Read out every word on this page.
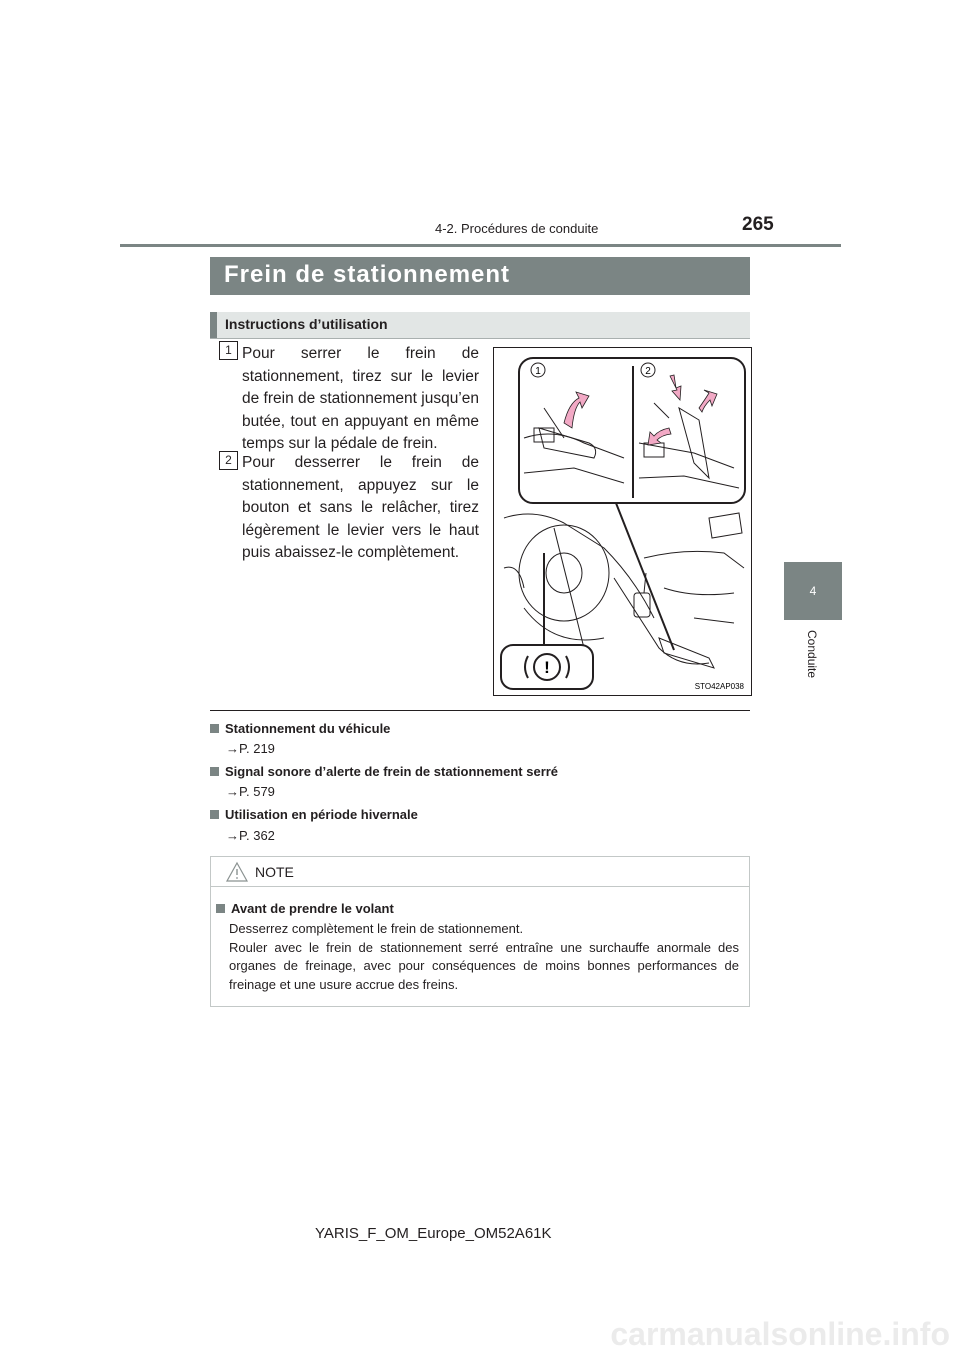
4-2. Procédures de conduite	265
4
Conduite
Frein de stationnement
Instructions d’utilisation
1 Pour serrer le frein de stationnement, tirez sur le levier de frein de stationnement jusqu’en butée, tout en appuyant en même temps sur la pédale de frein.
2 Pour desserrer le frein de stationnement, appuyez sur le bouton et sans le relâcher, tirez légèrement le levier vers le haut puis abaissez-le complètement.
1	2
!
STO42AP038
Stationnement du véhicule
→P. 219
Signal sonore d’alerte de frein de stationnement serré
→P. 579
Utilisation en période hivernale
→P. 362
NOTE
Avant de prendre le volant
Desserrez complètement le frein de stationnement.
Rouler avec le frein de stationnement serré entraîne une surchauffe anormale des organes de freinage, avec pour conséquences de moins bonnes performances de freinage et une usure accrue des freins.
YARIS_F_OM_Europe_OM52A61K
carmanualsonline.info
